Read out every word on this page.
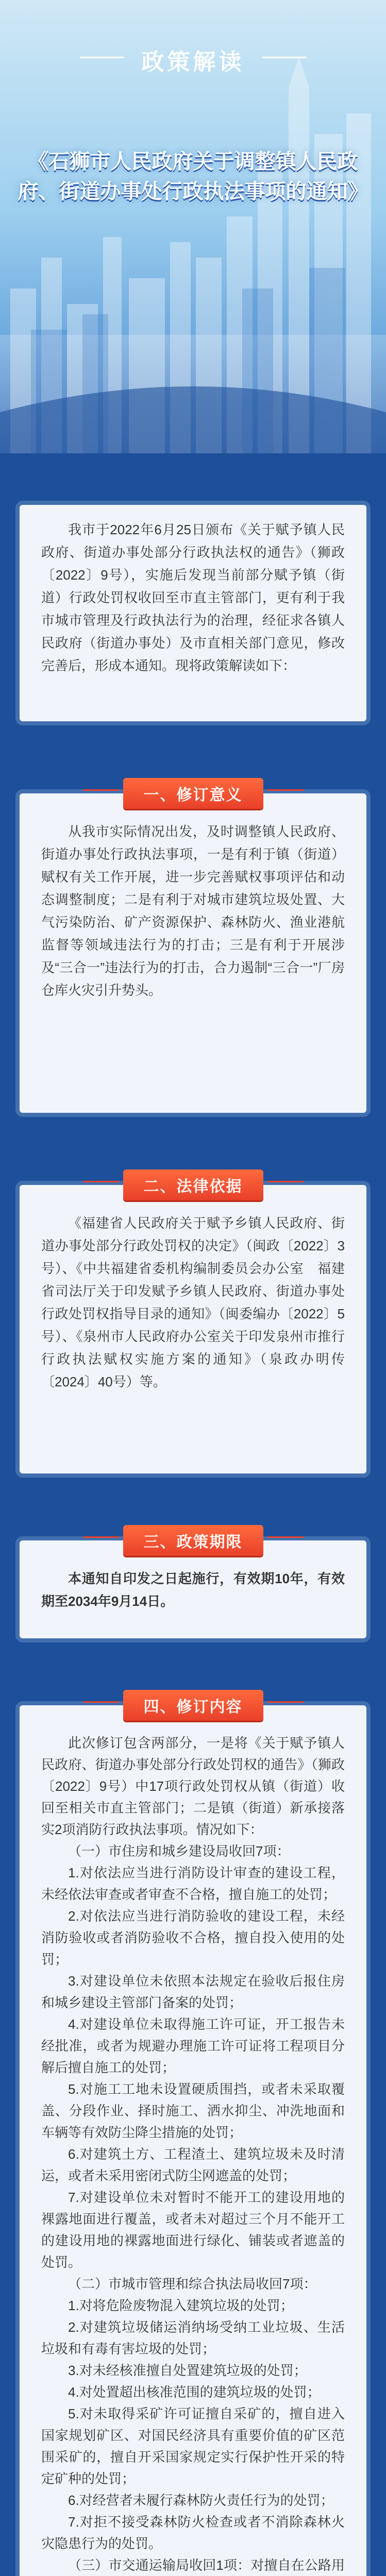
政策解读
《石狮市人民政府关于调整镇人民政府、街道办事处行政执法事项的通知》

我市于2022年6月25日颁布《关于赋予镇人民政府、街道办事处部分行政执法权的通告》（狮政〔2022〕9号），实施后发现当前部分赋予镇（街道）行政处罚权收回至市直主管部门，更有利于我市城市管理及行政执法行为的治理，经征求各镇人民政府（街道办事处）及市直相关部门意见，修改完善后，形成本通知。现将政策解读如下：

一、修订意义

从我市实际情况出发，及时调整镇人民政府、街道办事处行政执法事项，一是有利于镇（街道）赋权有关工作开展，进一步完善赋权事项评估和动态调整制度；二是有利于对城市建筑垃圾处置、大气污染防治、矿产资源保护、森林防火、渔业港航监督等领域违法行为的打击；三是有利于开展涉及“三合一”违法行为的打击，合力遏制“三合一”厂房仓库火灾引升势头。

二、法律依据

《福建省人民政府关于赋予乡镇人民政府、街道办事处部分行政处罚权的决定》（闽政〔2022〕3号）、《中共福建省委机构编制委员会办公室　福建省司法厅关于印发赋予乡镇人民政府、街道办事处行政处罚权指导目录的通知》（闽委编办〔2022〕5号）、《泉州市人民政府办公室关于印发泉州市推行行政执法赋权实施方案的通知》（泉政办明传〔2024〕40号）等。

三、政策期限

本通知自印发之日起施行，有效期10年，有效期至2034年9月14日。

四、修订内容

此次修订包含两部分，一是将《关于赋予镇人民政府、街道办事处部分行政处罚权的通告》（狮政〔2022〕9号）中17项行政处罚权从镇（街道）收回至相关市直主管部门；二是镇（街道）新承接落实2项消防行政执法事项。情况如下：

（一）市住房和城乡建设局收回7项：

1.对依法应当进行消防设计审查的建设工程，未经依法审查或者审查不合格，擅自施工的处罚；

2.对依法应当进行消防验收的建设工程，未经消防验收或者消防验收不合格，擅自投入使用的处罚；

3.对建设单位未依照本法规定在验收后报住房和城乡建设主管部门备案的处罚；

4.对建设单位未取得施工许可证，开工报告未经批准，或者为规避办理施工许可证将工程项目分解后擅自施工的处罚；

5.对施工工地未设置硬质围挡，或者未采取覆盖、分段作业、择时施工、洒水抑尘、冲洗地面和车辆等有效防尘降尘措施的处罚；

6.对建筑土方、工程渣土、建筑垃圾未及时清运，或者未采用密闭式防尘网遮盖的处罚；

7.对建设单位未对暂时不能开工的建设用地的裸露地面进行覆盖，或者未对超过三个月不能开工的建设用地的裸露地面进行绿化、铺装或者遮盖的处罚。

（二）市城市管理和综合执法局收回7项：

1.对将危险废物混入建筑垃圾的处罚；

2.对建筑垃圾储运消纳场受纳工业垃圾、生活垃圾和有毒有害垃圾的处罚；

3.对未经核准擅自处置建筑垃圾的处罚；

4.对处置超出核准范围的建筑垃圾的处罚；

5.对未取得采矿许可证擅自采矿的，擅自进入国家规划矿区、对国民经济具有重要价值的矿区范围采矿的，擅自开采国家规定实行保护性开采的特定矿种的处罚；

6.对经营者未履行森林防火责任行为的处罚；

7.对拒不接受森林防火检查或者不消除森林火灾隐患行为的处罚。

（三）市交通运输局收回1项：对擅自在公路用
